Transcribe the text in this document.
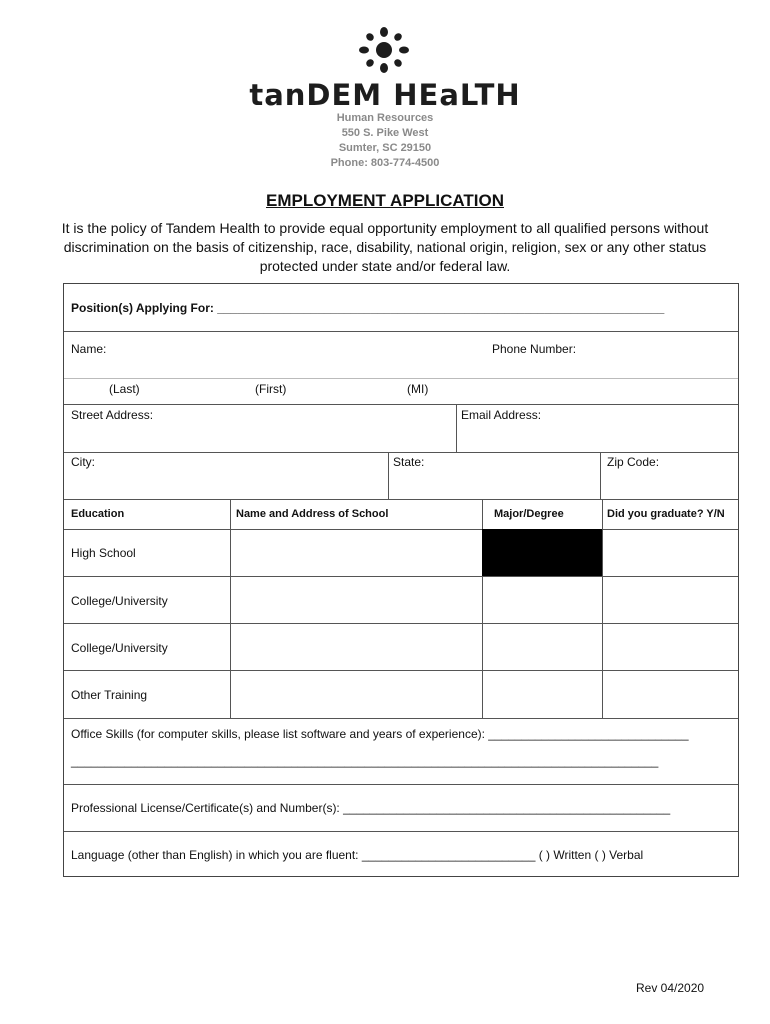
tanDEM HEaLTH
Human Resources
550 S. Pike West
Sumter, SC 29150
Phone: 803-774-4500
EMPLOYMENT APPLICATION
It is the policy of Tandem Health to provide equal opportunity employment to all qualified persons without
discrimination on the basis of citizenship, race, disability, national origin, religion, sex or any other status
protected under state and/or federal law.
Position(s) Applying For: ___________________________________________________________________
Name:	Phone Number:
(Last)	(First)	(MI)
Street Address:	Email Address:
City:	State:	Zip Code:
Education	Name and Address of School	Major/Degree	Did you graduate? Y/N
High School
College/University
College/University
Other Training
Office Skills (for computer skills, please list software and years of experience): ______________________________
________________________________________________________________________________________
Professional License/Certificate(s) and Number(s): _________________________________________________
Language (other than English) in which you are fluent: __________________________ ( ) Written ( ) Verbal
Rev 04/2020
